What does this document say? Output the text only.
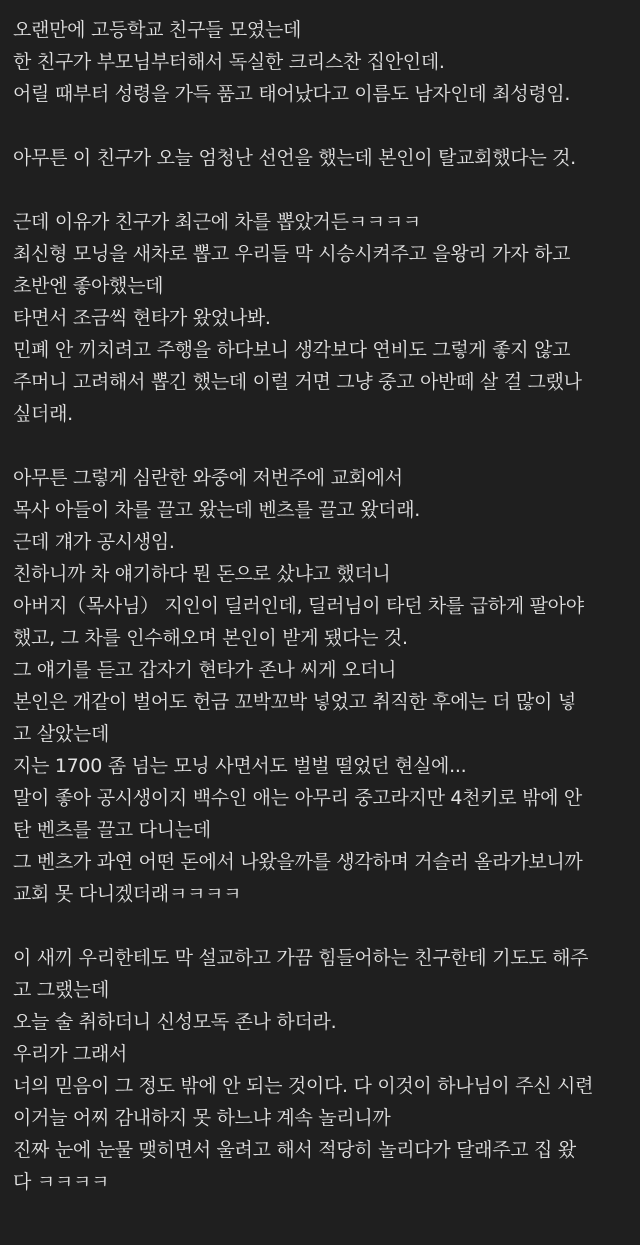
오랜만에 고등학교 친구들 모였는데
한 친구가 부모님부터해서 독실한 크리스찬 집안인데.
어릴 때부터 성령을 가득 품고 태어났다고 이름도 남자인데 최성령임.
아무튼 이 친구가 오늘 엄청난 선언을 했는데 본인이 탈교회했다는 것.
근데 이유가 친구가 최근에 차를 뽑았거든ㅋㅋㅋㅋ
최신형 모닝을 새차로 뽑고 우리들 막 시승시켜주고 을왕리 가자 하고
초반엔 좋아했는데
타면서 조금씩 현타가 왔었나봐.
민폐 안 끼치려고 주행을 하다보니 생각보다 연비도 그렇게 좋지 않고
주머니 고려해서 뽑긴 했는데 이럴 거면 그냥 중고 아반떼 살 걸 그랬나
싶더래.
아무튼 그렇게 심란한 와중에 저번주에 교회에서
목사 아들이 차를 끌고 왔는데 벤츠를 끌고 왔더래.
근데 걔가 공시생임.
친하니까 차 얘기하다 뭔 돈으로 샀냐고 했더니
아버지（목사님） 지인이 딜러인데, 딜러님이 타던 차를 급하게 팔아야
했고, 그 차를 인수해오며 본인이 받게 됐다는 것.
그 얘기를 듣고 갑자기 현타가 존나 씨게 오더니
본인은 개같이 벌어도 헌금 꼬박꼬박 넣었고 취직한 후에는 더 많이 넣
고 살았는데
지는 1700 좀 넘는 모닝 사면서도 벌벌 떨었던 현실에...
말이 좋아 공시생이지 백수인 애는 아무리 중고라지만 4천키로 밖에 안
탄 벤츠를 끌고 다니는데
그 벤츠가 과연 어떤 돈에서 나왔을까를 생각하며 거슬러 올라가보니까
교회 못 다니겠더래ㅋㅋㅋㅋ
이 새끼 우리한테도 막 설교하고 가끔 힘들어하는 친구한테 기도도 해주
고 그랬는데
오늘 술 취하더니 신성모독 존나 하더라.
우리가 그래서
너의 믿음이 그 정도 밖에 안 되는 것이다. 다 이것이 하나님이 주신 시련
이거늘 어찌 감내하지 못 하느냐 계속 놀리니까
진짜 눈에 눈물 맺히면서 울려고 해서 적당히 놀리다가 달래주고 집 왔
다 ㅋㅋㅋㅋ
